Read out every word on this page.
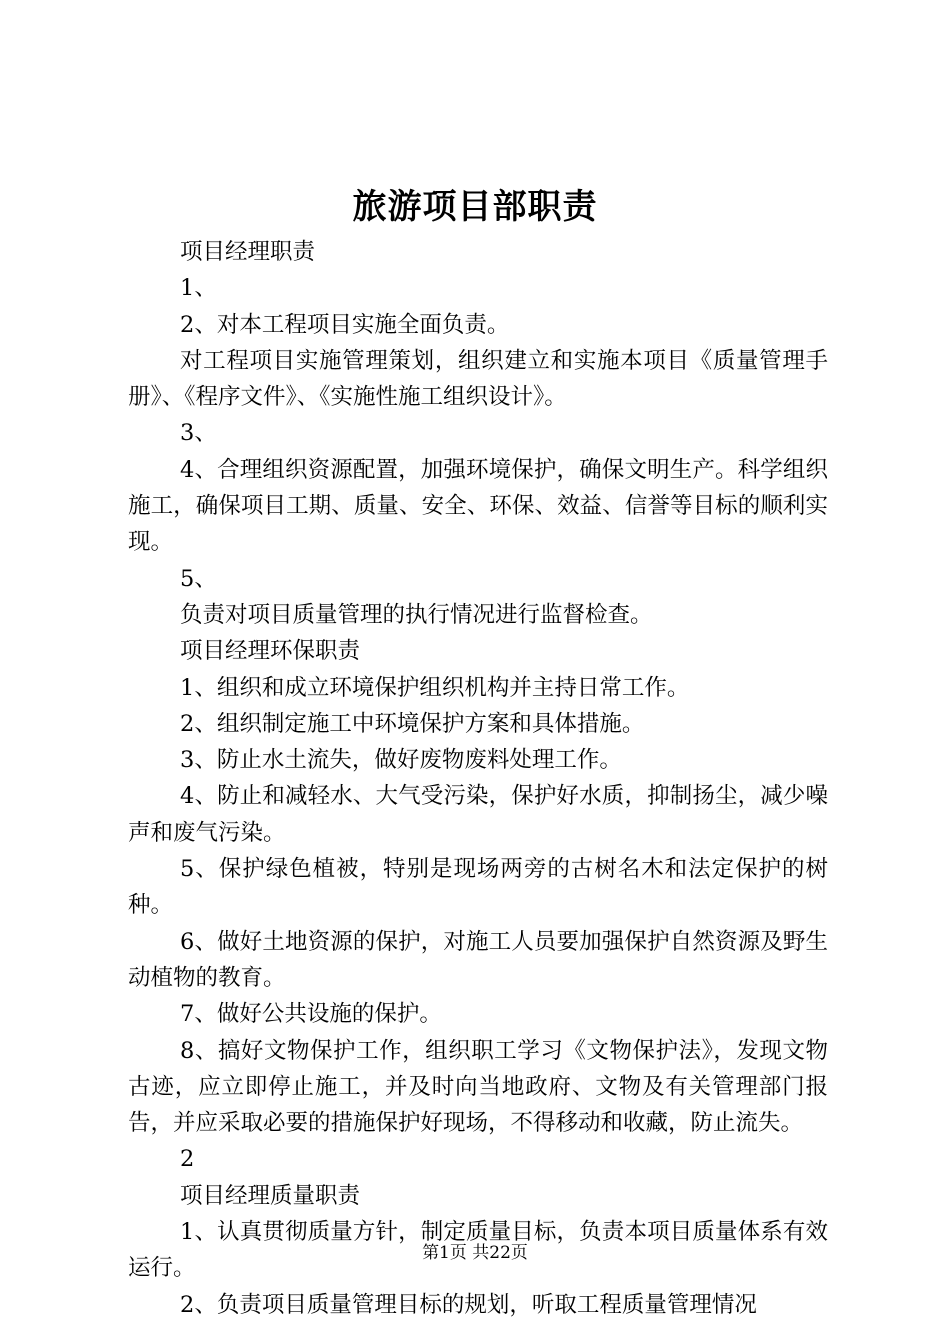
旅游项目部职责

项目经理职责

1、

2、对本工程项目实施全面负责。

对工程项目实施管理策划，组织建立和实施本项目《质量管理手册》、《程序文件》、《实施性施工组织设计》。

3、

4、合理组织资源配置，加强环境保护，确保文明生产。科学组织施工，确保项目工期、质量、安全、环保、效益、信誉等目标的顺利实现。

5、

负责对项目质量管理的执行情况进行监督检查。

项目经理环保职责

1、组织和成立环境保护组织机构并主持日常工作。

2、组织制定施工中环境保护方案和具体措施。

3、防止水土流失，做好废物废料处理工作。

4、防止和减轻水、大气受污染，保护好水质，抑制扬尘，减少噪声和废气污染。

5、保护绿色植被，特别是现场两旁的古树名木和法定保护的树种。

6、做好土地资源的保护，对施工人员要加强保护自然资源及野生动植物的教育。

7、做好公共设施的保护。

8、搞好文物保护工作，组织职工学习《文物保护法》，发现文物古迹，应立即停止施工，并及时向当地政府、文物及有关管理部门报告，并应采取必要的措施保护好现场，不得移动和收藏，防止流失。

2

项目经理质量职责

1、认真贯彻质量方针，制定质量目标，负责本项目质量体系有效运行。

2、负责项目质量管理目标的规划，听取工程质量管理情况

第1页 共22页
